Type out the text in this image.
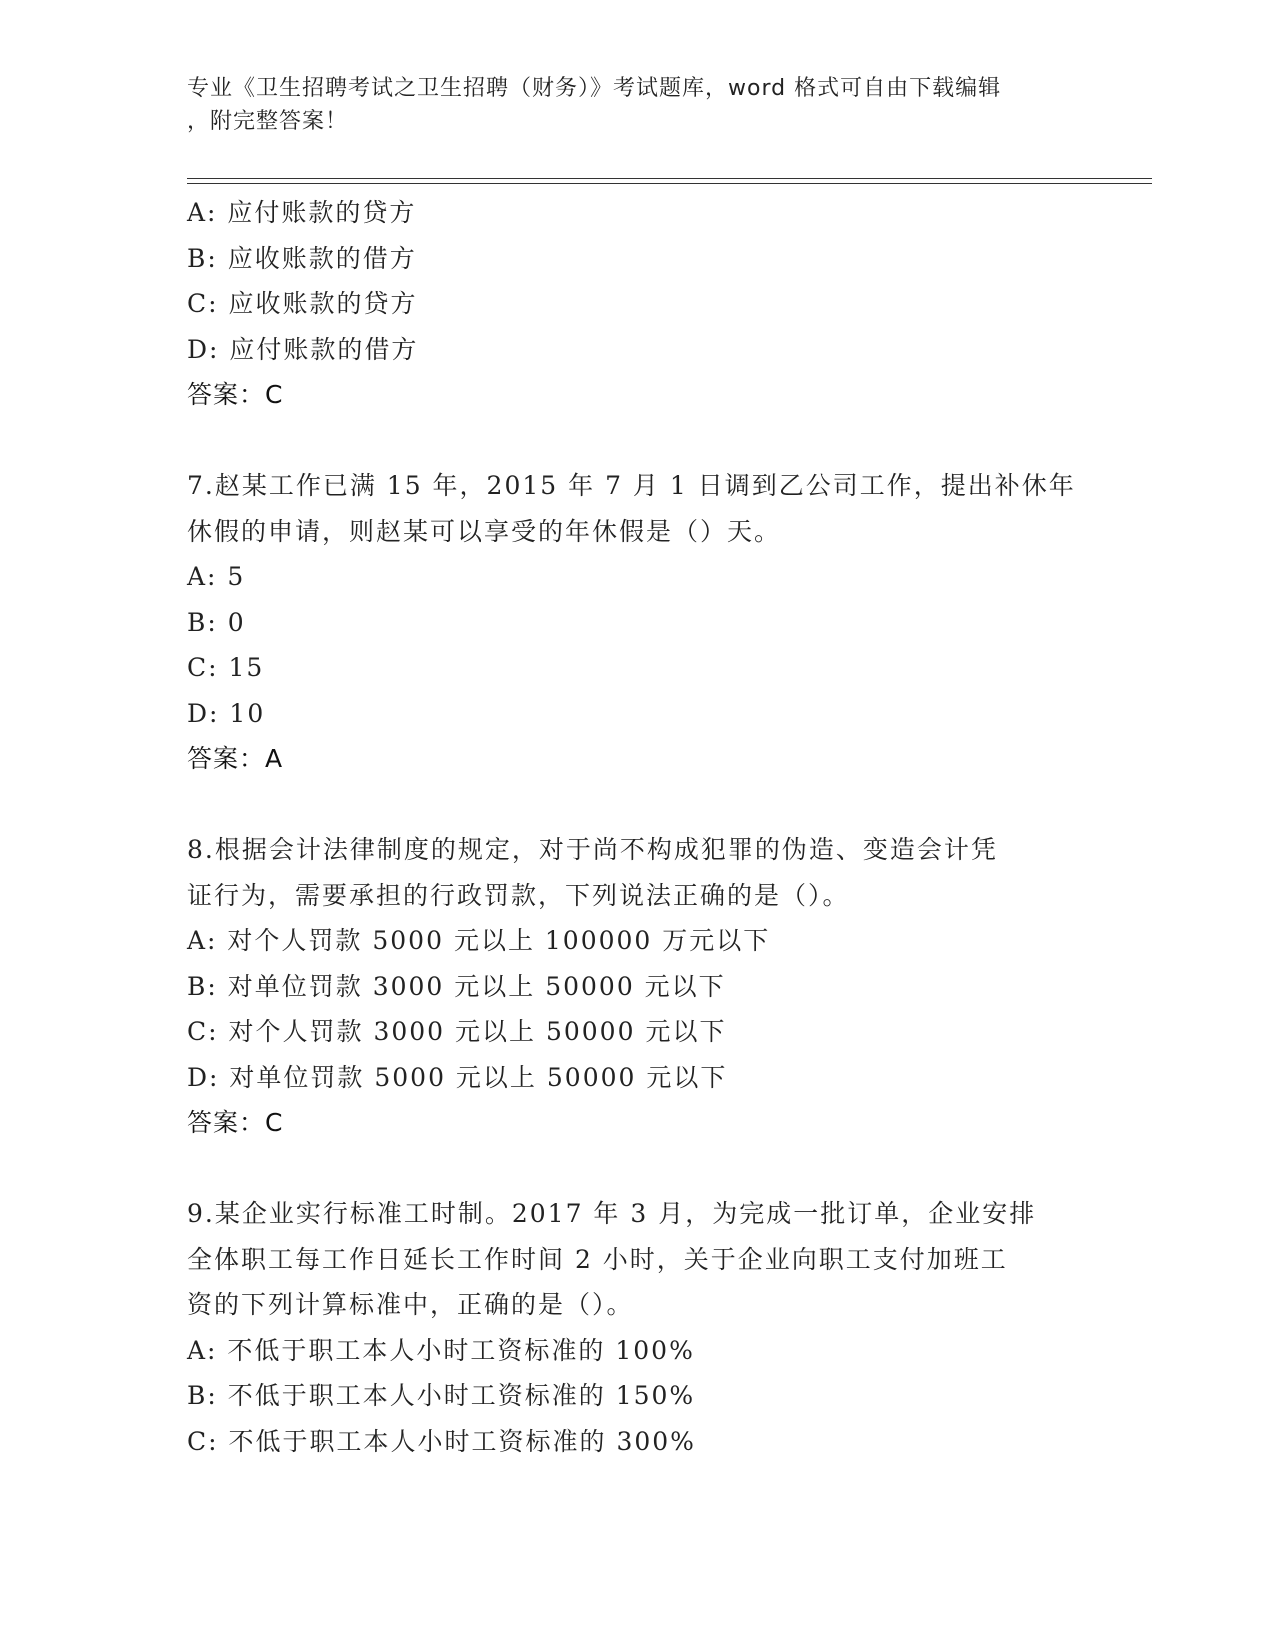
专业《卫生招聘考试之卫生招聘（财务）》考试题库，word 格式可自由下载编辑
，附完整答案！
A: 应付账款的贷方
B: 应收账款的借方
C: 应收账款的贷方
D: 应付账款的借方
答案：C
7.赵某工作已满 15 年，2015 年 7 月 1 日调到乙公司工作，提出补休年
休假的申请，则赵某可以享受的年休假是（）天。
A: 5
B: 0
C: 15
D: 10
答案：A
8.根据会计法律制度的规定，对于尚不构成犯罪的伪造、变造会计凭
证行为，需要承担的行政罚款，下列说法正确的是（）。
A: 对个人罚款 5000 元以上 100000 万元以下
B: 对单位罚款 3000 元以上 50000 元以下
C: 对个人罚款 3000 元以上 50000 元以下
D: 对单位罚款 5000 元以上 50000 元以下
答案：C
9.某企业实行标准工时制。2017 年 3 月，为完成一批订单，企业安排
全体职工每工作日延长工作时间 2 小时，关于企业向职工支付加班工
资的下列计算标准中，正确的是（）。
A: 不低于职工本人小时工资标准的 100%
B: 不低于职工本人小时工资标准的 150%
C: 不低于职工本人小时工资标准的 300%
